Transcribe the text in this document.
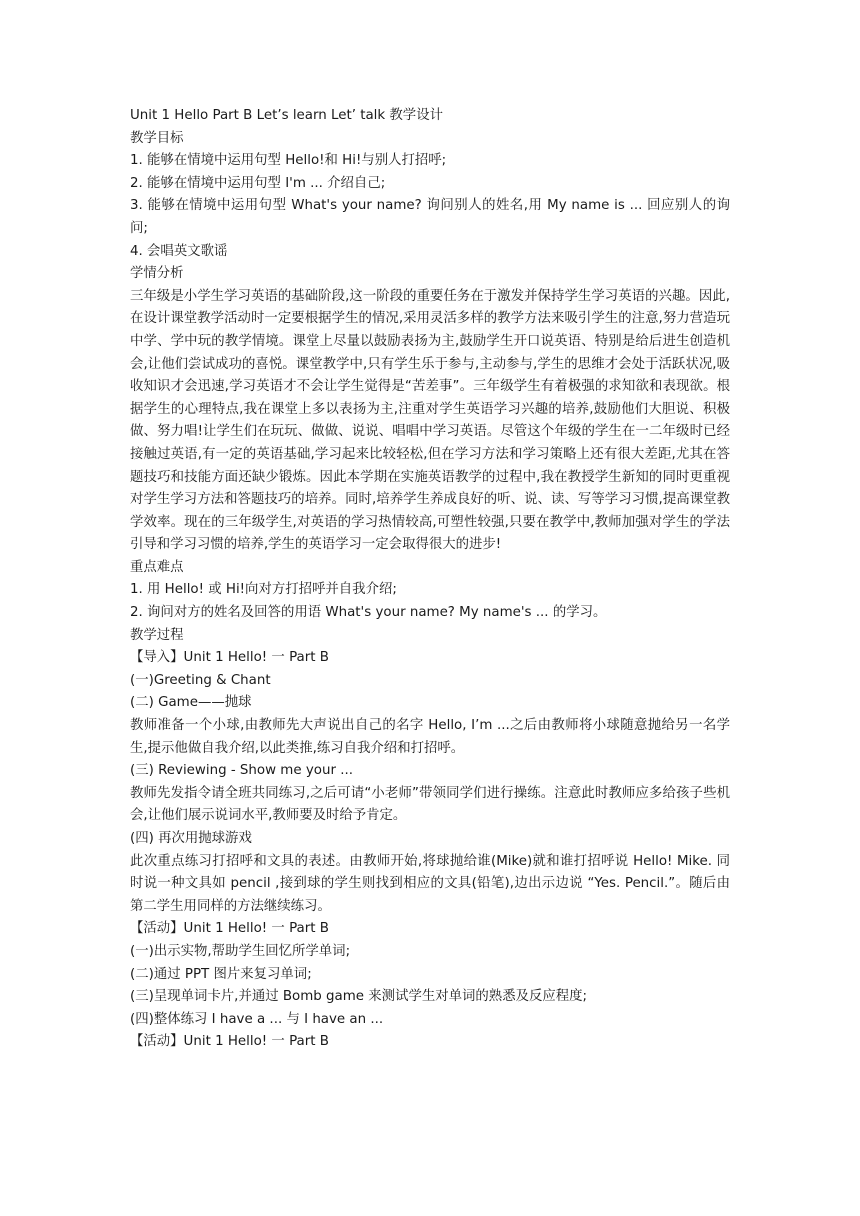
Unit 1 Hello Part B Let’s learn Let’ talk 教学设计
教学目标
1. 能够在情境中运用句型 Hello!和 Hi!与别人打招呼;
2. 能够在情境中运用句型 I'm ... 介绍自己;
3. 能够在情境中运用句型 What's your name? 询问别人的姓名,用 My name is ... 回应别人的询问;
4. 会唱英文歌谣
学情分析
三年级是小学生学习英语的基础阶段,这一阶段的重要任务在于激发并保持学生学习英语的兴趣。因此,在设计课堂教学活动时一定要根据学生的情况,采用灵活多样的教学方法来吸引学生的注意,努力营造玩中学、学中玩的教学情境。课堂上尽量以鼓励表扬为主,鼓励学生开口说英语、特别是给后进生创造机会,让他们尝试成功的喜悦。课堂教学中,只有学生乐于参与,主动参与,学生的思维才会处于活跃状况,吸收知识才会迅速,学习英语才不会让学生觉得是“苦差事”。三年级学生有着极强的求知欲和表现欲。根据学生的心理特点,我在课堂上多以表扬为主,注重对学生英语学习兴趣的培养,鼓励他们大胆说、积极做、努力唱!让学生们在玩玩、做做、说说、唱唱中学习英语。尽管这个年级的学生在一二年级时已经接触过英语,有一定的英语基础,学习起来比较轻松,但在学习方法和学习策略上还有很大差距,尤其在答题技巧和技能方面还缺少锻炼。因此本学期在实施英语教学的过程中,我在教授学生新知的同时更重视对学生学习方法和答题技巧的培养。同时,培养学生养成良好的听、说、读、写等学习习惯,提高课堂教学效率。现在的三年级学生,对英语的学习热情较高,可塑性较强,只要在教学中,教师加强对学生的学法引导和学习习惯的培养,学生的英语学习一定会取得很大的进步!
重点难点
1. 用 Hello! 或 Hi!向对方打招呼并自我介绍;
2. 询问对方的姓名及回答的用语 What's your name? My name's ... 的学习。
教学过程
【导入】Unit 1 Hello! 一 Part B
(一)Greeting & Chant
(二) Game——抛球
教师准备一个小球,由教师先大声说出自己的名字 Hello, I’m ...之后由教师将小球随意抛给另一名学生,提示他做自我介绍,以此类推,练习自我介绍和打招呼。
(三) Reviewing - Show me your ...
教师先发指令请全班共同练习,之后可请“小老师”带领同学们进行操练。注意此时教师应多给孩子些机会,让他们展示说词水平,教师要及时给予肯定。
(四) 再次用抛球游戏
此次重点练习打招呼和文具的表述。由教师开始,将球抛给谁(Mike)就和谁打招呼说 Hello! Mike. 同时说一种文具如 pencil ,接到球的学生则找到相应的文具(铅笔),边出示边说 “Yes. Pencil.”。随后由第二学生用同样的方法继续练习。
【活动】Unit 1 Hello! 一 Part B
(一)出示实物,帮助学生回忆所学单词;
(二)通过 PPT 图片来复习单词;
(三)呈现单词卡片,并通过 Bomb game 来测试学生对单词的熟悉及反应程度;
(四)整体练习 I have a ... 与 I have an ...
【活动】Unit 1 Hello! 一 Part B
